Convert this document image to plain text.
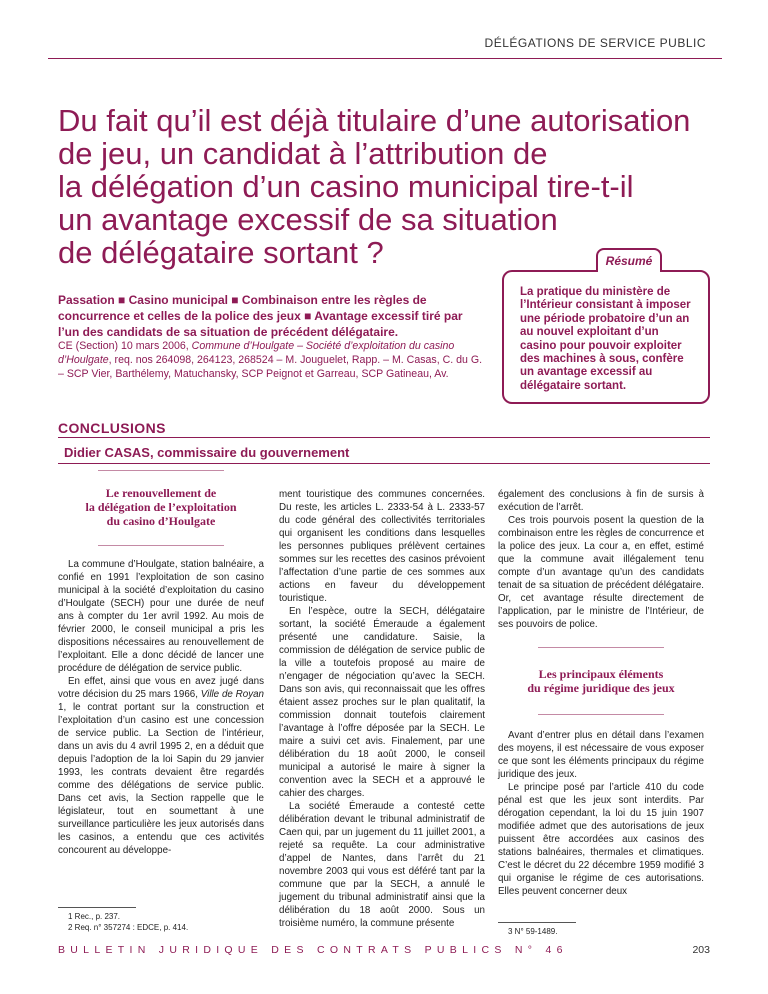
DÉLÉGATIONS DE SERVICE PUBLIC
Du fait qu’il est déjà titulaire d’une autorisation
de jeu, un candidat à l’attribution de
la délégation d’un casino municipal tire-t-il
un avantage excessif de sa situation
de délégataire sortant ?	Résumé
La pratique du ministère de l’Intérieur consistant à imposer une période probatoire d’un an au nouvel exploitant d’un casino pour pouvoir exploiter des machines à sous, confère un avantage excessif au délégataire sortant.
Passation ■ Casino municipal ■ Combinaison entre les règles de concurrence et celles de la police des jeux ■ Avantage excessif tiré par l’un des candidats de sa situation de précédent délégataire.
CE (Section) 10 mars 2006, Commune d’Houlgate – Société d’exploitation du casino d’Houlgate, req. nos 264098, 264123, 268524 – M. Jouguelet, Rapp. – M. Casas, C. du G. – SCP Vier, Barthélemy, Matuchansky, SCP Peignot et Garreau, SCP Gatineau, Av.
CONCLUSIONS
Didier CASAS, commissaire du gouvernement
Le renouvellement de
la délégation de l’exploitation
du casino d’Houlgate

La commune d’Houlgate, station balnéaire, a confié en 1991 l’exploitation de son casino municipal à la société d’exploitation du casino d’Houlgate (SECH) pour une durée de neuf ans à compter du 1er avril 1992. Au mois de février 2000, le conseil municipal a pris les dispositions nécessaires au renouvellement de l’exploitant. Elle a donc décidé de lancer une procédure de délégation de service public.

En effet, ainsi que vous en avez jugé dans votre décision du 25 mars 1966, Ville de Royan 1, le contrat portant sur la construction et l’exploitation d’un casino est une concession de service public. La Section de l’intérieur, dans un avis du 4 avril 1995 2, en a déduit que depuis l’adoption de la loi Sapin du 29 janvier 1993, les contrats devaient être regardés comme des délégations de service public. Dans cet avis, la Section rappelle que le législateur, tout en soumettant à une surveillance particulière les jeux autorisés dans les casinos, a entendu que ces activités concourent au développe-

1 Rec., p. 237.

2 Req. n° 357274 : EDCE, p. 414.

ment touristique des communes concernées. Du reste, les articles L. 2333-54 à L. 2333-57 du code général des collectivités territoriales qui organisent les conditions dans lesquelles les personnes publiques prélèvent certaines sommes sur les recettes des casinos prévoient l’affectation d’une partie de ces sommes aux actions en faveur du développement touristique.

En l’espèce, outre la SECH, délégataire sortant, la société Émeraude a également présenté une candidature. Saisie, la commission de délégation de service public de la ville a toutefois proposé au maire de n’engager de négociation qu’avec la SECH. Dans son avis, qui reconnaissait que les offres étaient assez proches sur le plan qualitatif, la commission donnait toutefois clairement l’avantage à l’offre déposée par la SECH. Le maire a suivi cet avis. Finalement, par une délibération du 18 août 2000, le conseil municipal a autorisé le maire à signer la convention avec la SECH et a approuvé le cahier des charges.

La société Émeraude a contesté cette délibération devant le tribunal administratif de Caen qui, par un jugement du 11 juillet 2001, a rejeté sa requête. La cour administrative d’appel de Nantes, dans l’arrêt du 21 novembre 2003 qui vous est déféré tant par la commune que par la SECH, a annulé le jugement du tribunal administratif ainsi que la délibération du 18 août 2000. Sous un troisième numéro, la commune présente

également des conclusions à fin de sursis à exécution de l’arrêt.

Ces trois pourvois posent la question de la combinaison entre les règles de concurrence et la police des jeux. La cour a, en effet, estimé que la commune avait illégalement tenu compte d’un avantage qu’un des candidats tenait de sa situation de précédent délégataire. Or, cet avantage résulte directement de l’application, par le ministre de l’Intérieur, de ses pouvoirs de police.

Les principaux éléments
du régime juridique des jeux

Avant d’entrer plus en détail dans l’examen des moyens, il est nécessaire de vous exposer ce que sont les éléments principaux du régime juridique des jeux.

Le principe posé par l’article 410 du code pénal est que les jeux sont interdits. Par dérogation cependant, la loi du 15 juin 1907 modifiée admet que des autorisations de jeux puissent être accordées aux casinos des stations balnéaires, thermales et climatiques. C’est le décret du 22 décembre 1959 modifié 3 qui organise le régime de ces autorisations. Elles peuvent concerner deux

3 N° 59-1489.

BULLETIN JURIDIQUE DES CONTRATS PUBLICS N° 46	203
